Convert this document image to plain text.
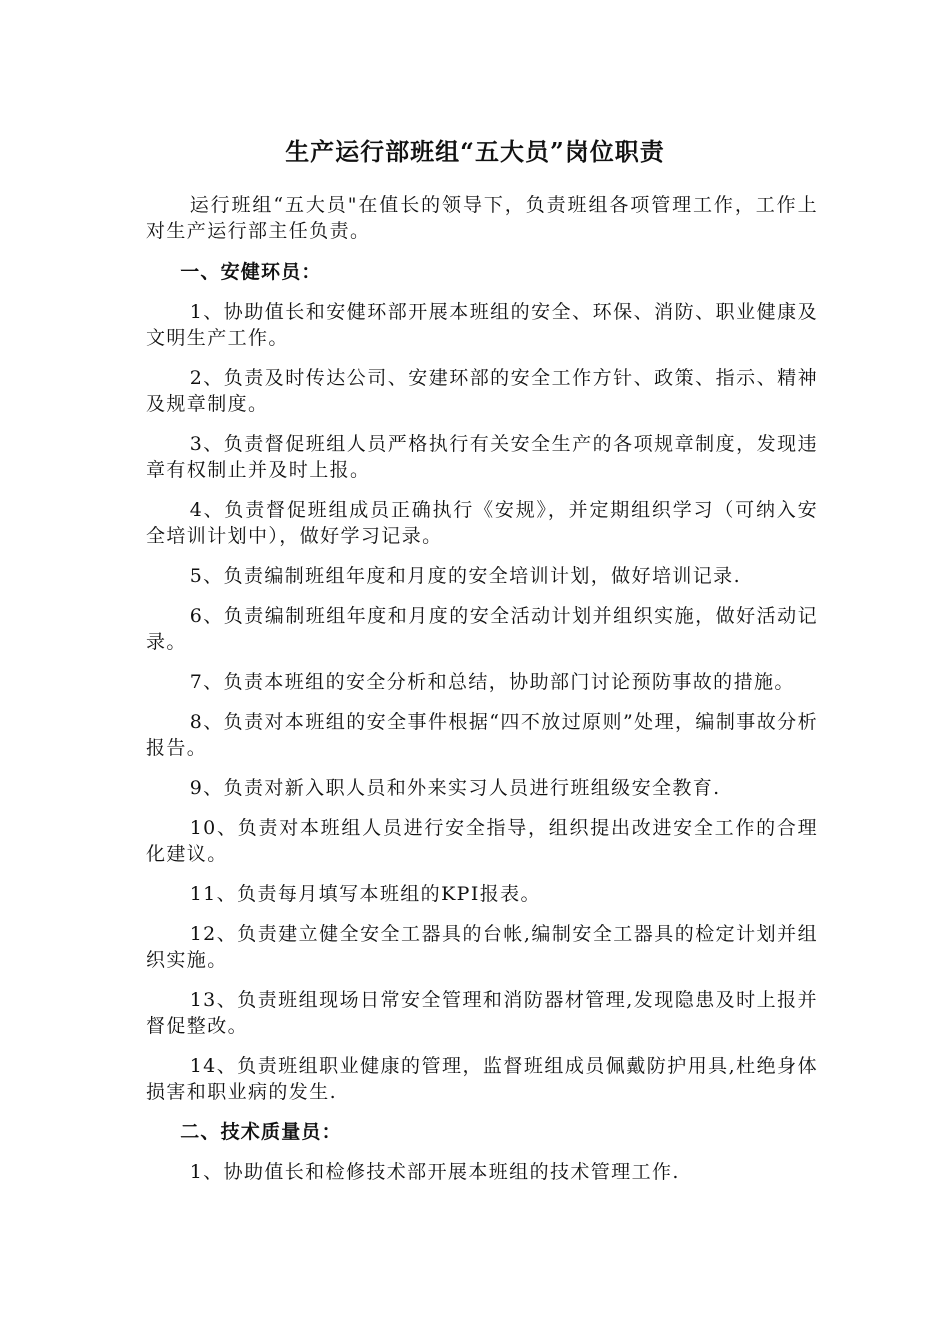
生产运行部班组“五大员”岗位职责

运行班组“五大员"在值长的领导下，负责班组各项管理工作，工作上对生产运行部主任负责。

一、安健环员：

1、协助值长和安健环部开展本班组的安全、环保、消防、职业健康及文明生产工作。

2、负责及时传达公司、安建环部的安全工作方针、政策、指示、精神及规章制度。

3、负责督促班组人员严格执行有关安全生产的各项规章制度，发现违章有权制止并及时上报。

4、负责督促班组成员正确执行《安规》，并定期组织学习（可纳入安全培训计划中），做好学习记录。

5、负责编制班组年度和月度的安全培训计划，做好培训记录.

6、负责编制班组年度和月度的安全活动计划并组织实施，做好活动记录。

7、负责本班组的安全分析和总结，协助部门讨论预防事故的措施。

8、负责对本班组的安全事件根据“四不放过原则”处理，编制事故分析报告。

9、负责对新入职人员和外来实习人员进行班组级安全教育.

10、负责对本班组人员进行安全指导，组织提出改进安全工作的合理化建议。

11、负责每月填写本班组的KPI报表。

12、负责建立健全安全工器具的台帐,编制安全工器具的检定计划并组织实施。

13、负责班组现场日常安全管理和消防器材管理,发现隐患及时上报并督促整改。

14、负责班组职业健康的管理，监督班组成员佩戴防护用具,杜绝身体损害和职业病的发生.

二、技术质量员：

1、协助值长和检修技术部开展本班组的技术管理工作.
